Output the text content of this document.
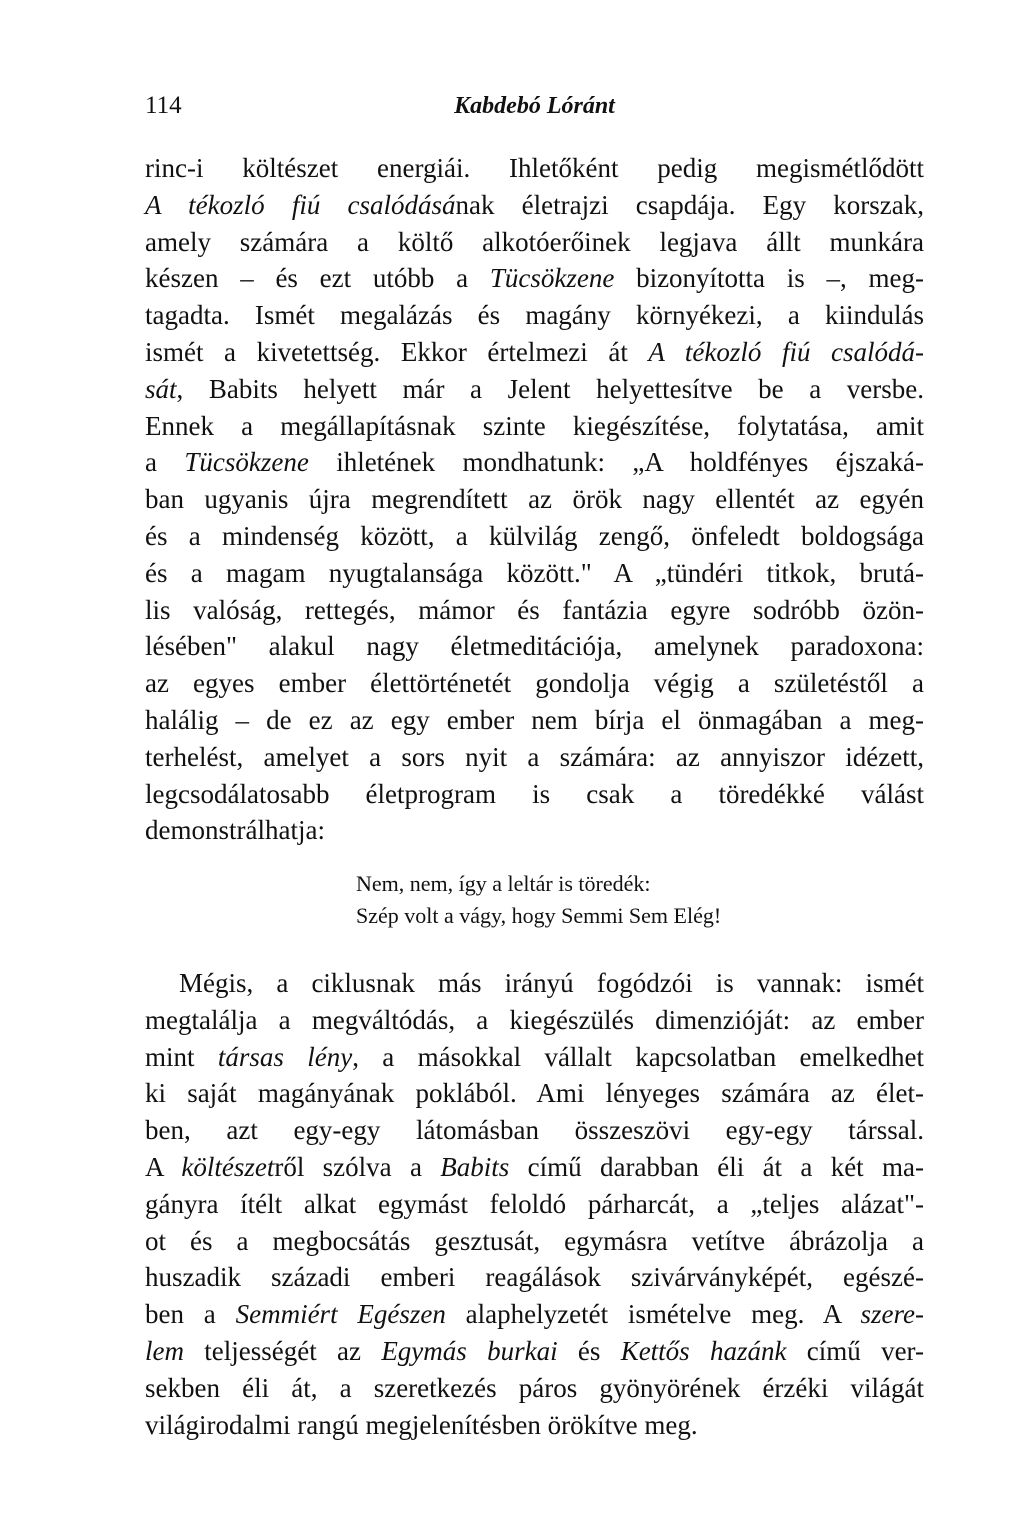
114	Kabdebó Lóránt
rinc-i költészet energiái. Ihletőként pedig megismétlődött
A tékozló fiú csalódásának életrajzi csapdája. Egy korszak,
amely számára a költő alkotóerőinek legjava állt munkára
készen – és ezt utóbb a Tücsökzene bizonyította is –, meg-
tagadta. Ismét megalázás és magány környékezi, a kiindulás
ismét a kivetettség. Ekkor értelmezi át A tékozló fiú csalódá-
sát, Babits helyett már a Jelent helyettesítve be a versbe.
Ennek a megállapításnak szinte kiegészítése, folytatása, amit
a Tücsökzene ihletének mondhatunk: „A holdfényes éjszaká-
ban ugyanis újra megrendített az örök nagy ellentét az egyén
és a mindenség között, a külvilág zengő, önfeledt boldogsága
és a magam nyugtalansága között." A „tündéri titkok, brutá-
lis valóság, rettegés, mámor és fantázia egyre sodróbb özön-
lésében" alakul nagy életmeditációja, amelynek paradoxona:
az egyes ember élettörténetét gondolja végig a születéstől a
halálig – de ez az egy ember nem bírja el önmagában a meg-
terhelést, amelyet a sors nyit a számára: az annyiszor idézett,
legcsodálatosabb életprogram is csak a töredékké válást
demonstrálhatja:
Nem, nem, így a leltár is töredék:
Szép volt a vágy, hogy Semmi Sem Elég!
Mégis, a ciklusnak más irányú fogódzói is vannak: ismét
megtalálja a megváltódás, a kiegészülés dimenzióját: az ember
mint társas lény, a másokkal vállalt kapcsolatban emelkedhet
ki saját magányának poklából. Ami lényeges számára az élet-
ben, azt egy-egy látomásban összeszövi egy-egy társsal.
A költészetről szólva a Babits című darabban éli át a két ma-
gányra ítélt alkat egymást feloldó párharcát, a „teljes alázat"-
ot és a megbocsátás gesztusát, egymásra vetítve ábrázolja a
huszadik századi emberi reagálások szivárványképét, egészé-
ben a Semmiért Egészen alaphelyzetét ismételve meg. A szere-
lem teljességét az Egymás burkai és Kettős hazánk című ver-
sekben éli át, a szeretkezés páros gyönyörének érzéki világát
világirodalmi rangú megjelenítésben örökítve meg.
